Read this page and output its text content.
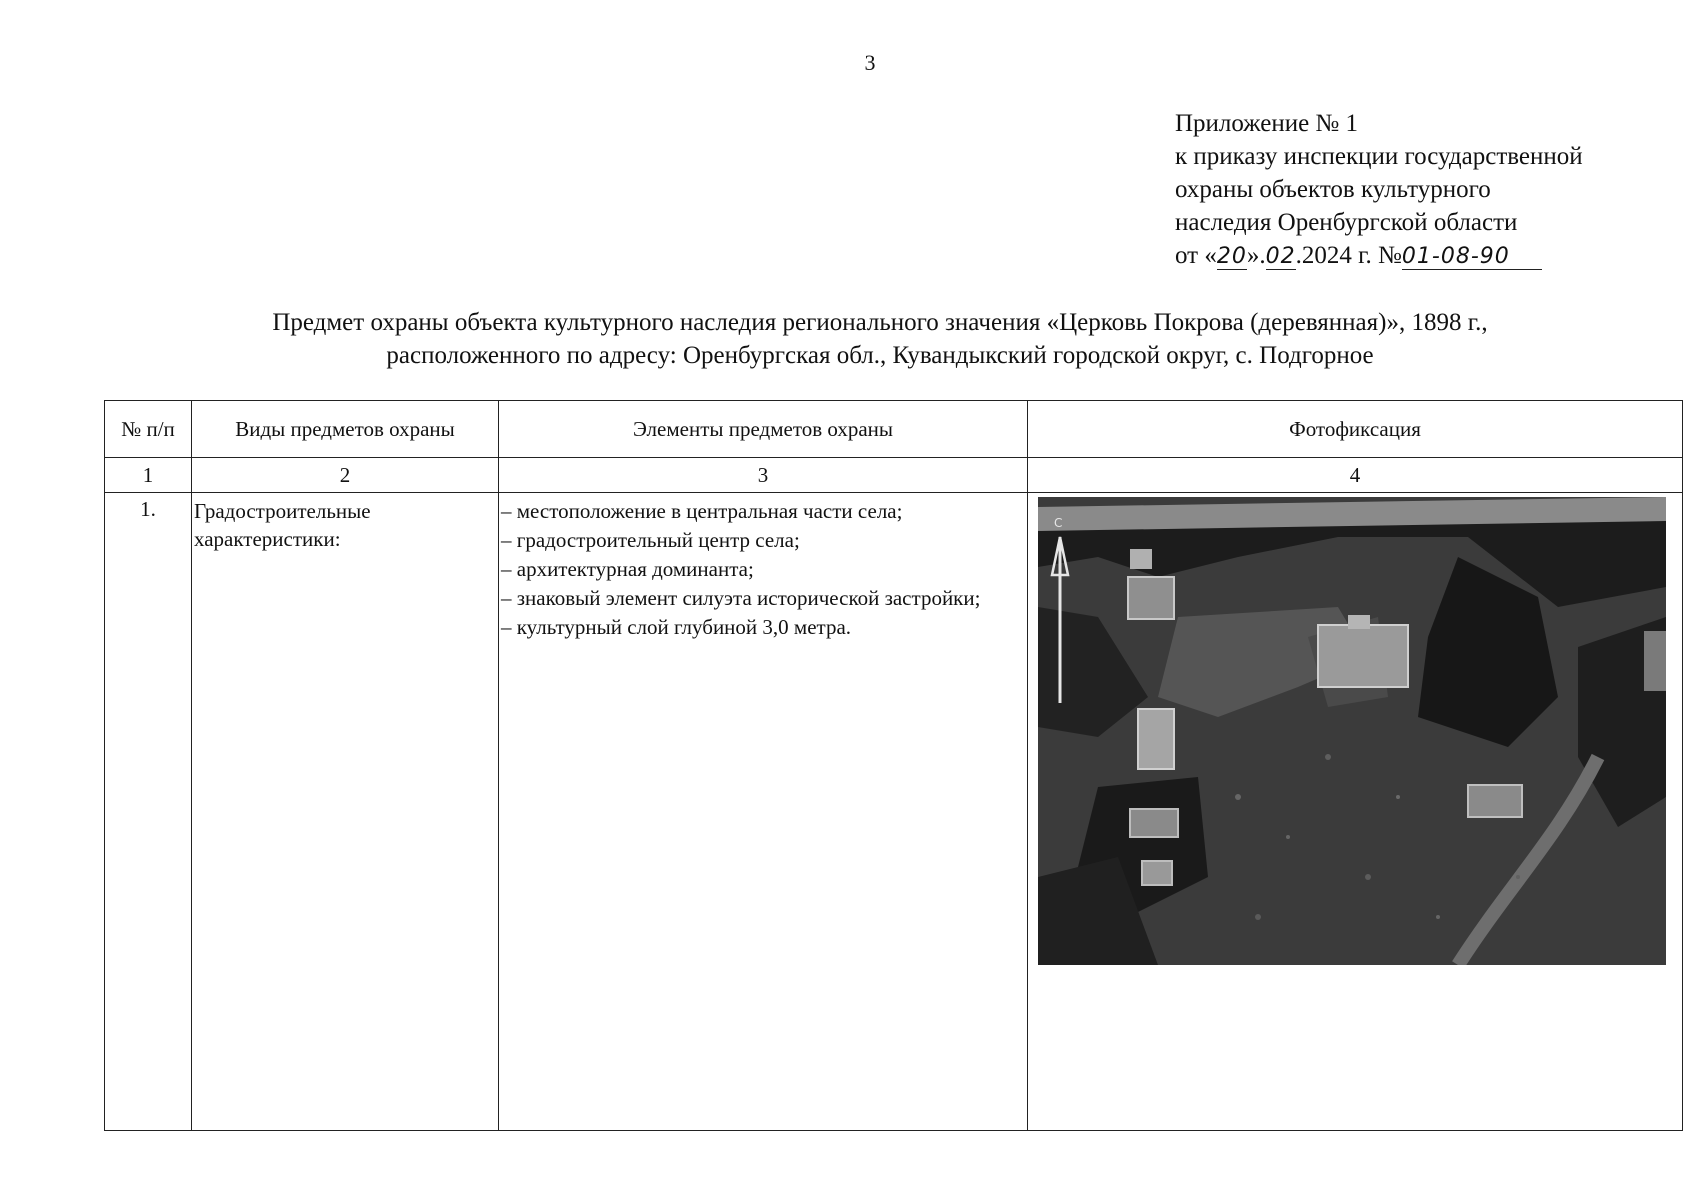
3
Приложение № 1
к приказу инспекции государственной
охраны объектов культурного
наследия Оренбургской области
от «20».02.2024 г. №01-08-90
Предмет охраны объекта культурного наследия регионального значения «Церковь Покрова (деревянная)», 1898 г.,
расположенного по адресу: Оренбургская обл., Кувандыкский городской округ, с. Подгорное
№ п/п	Виды предметов охраны	Элементы предметов охраны	Фотофиксация
1	2	3	4
1.	Градостроительные характеристики:	– местоположение в центральная части села;
– градостроительный центр села;
– архитектурная доминанта;
– знаковый элемент силуэта исторической застройки;
– культурный слой глубиной 3,0 метра.	С
